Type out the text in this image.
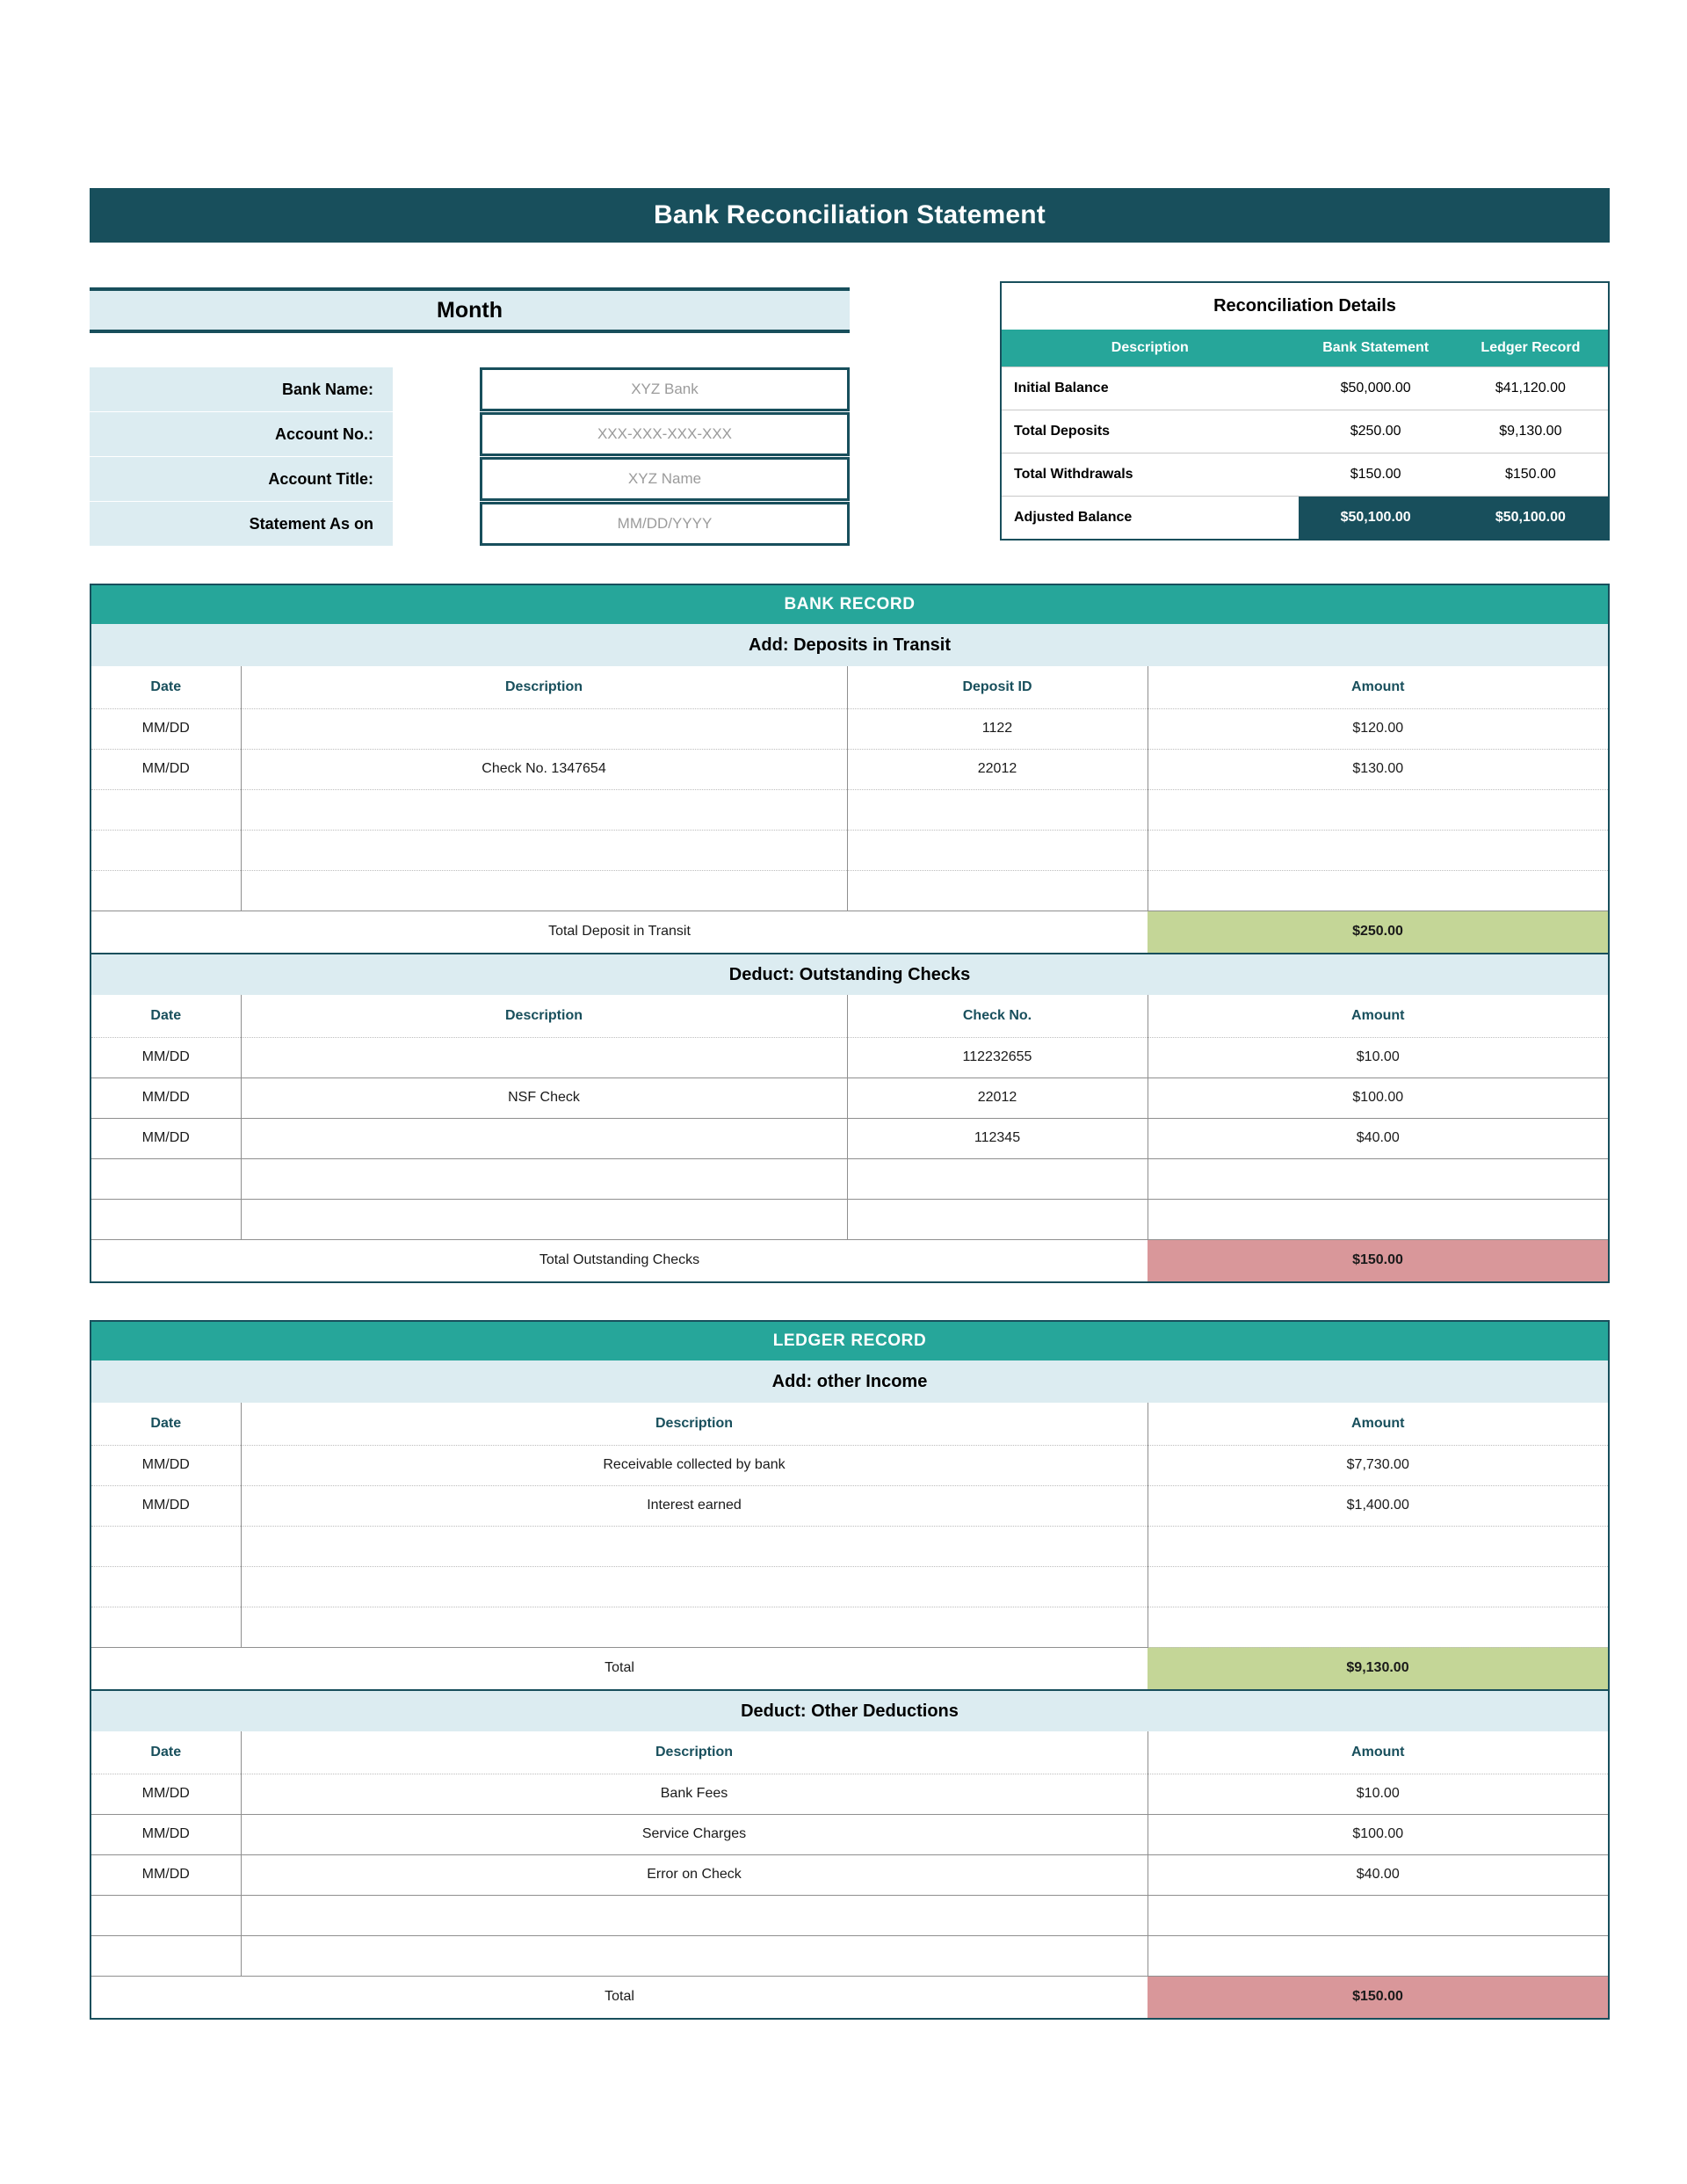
Bank Reconciliation Statement
Month
Bank Name:	XYZ Bank
Account No.:	XXX-XXX-XXX-XXX
Account Title:	XYZ Name
Statement As on	MM/DD/YYYY
Reconciliation Details
Description	Bank Statement	Ledger Record
Initial Balance	$50,000.00	$41,120.00
Total Deposits	$250.00	$9,130.00
Total Withdrawals	$150.00	$150.00
Adjusted Balance	$50,100.00	$50,100.00
BANK RECORD
Add: Deposits in Transit
Date	Description	Deposit ID	Amount
MM/DD		1122	$120.00
MM/DD	Check No. 1347654	22012	$130.00

Total Deposit in Transit			$250.00
Deduct: Outstanding Checks
Date	Description	Check No.	Amount
MM/DD		112232655	$10.00
MM/DD	NSF Check	22012	$100.00
MM/DD		112345	$40.00

Total Outstanding Checks			$150.00
LEDGER RECORD
Add: other Income
Date	Description	Amount
MM/DD	Receivable collected by bank	$7,730.00
MM/DD	Interest earned	$1,400.00

Total		$9,130.00
Deduct: Other Deductions
Date	Description	Amount
MM/DD	Bank Fees	$10.00
MM/DD	Service Charges	$100.00
MM/DD	Error on Check	$40.00

Total		$150.00
